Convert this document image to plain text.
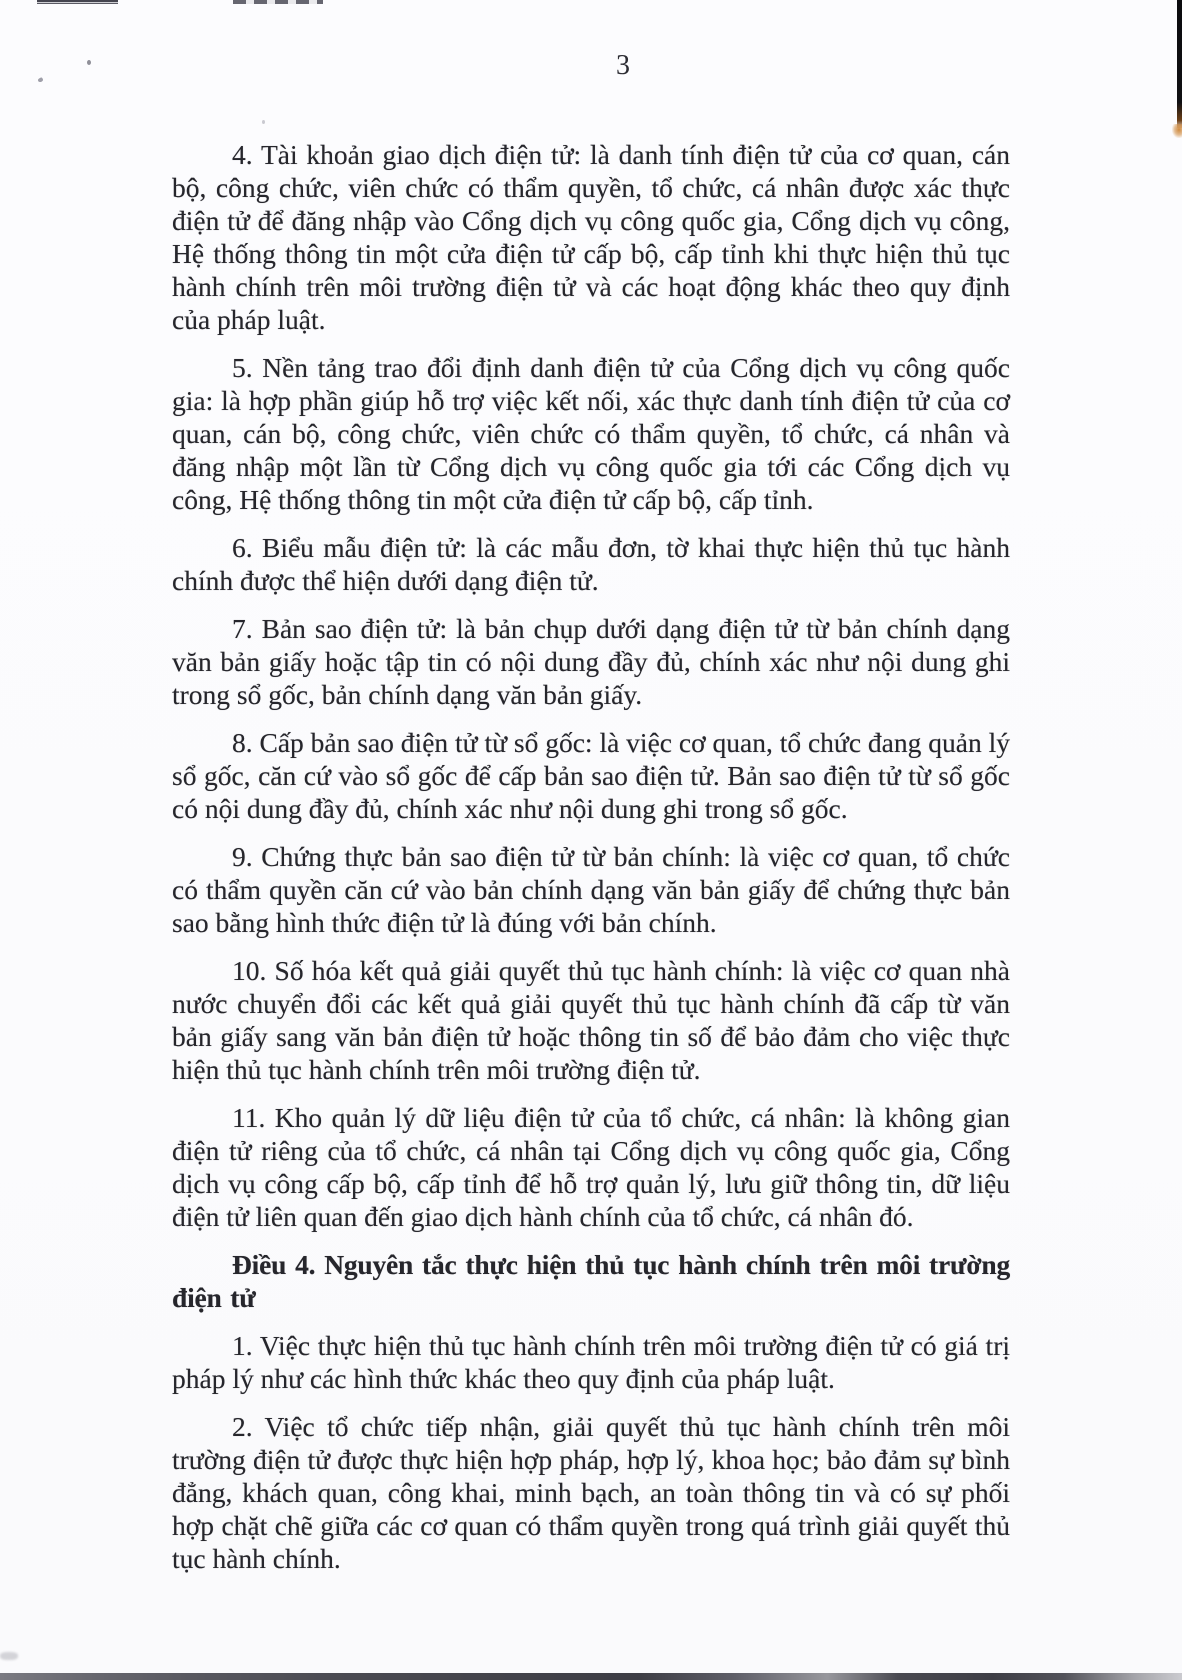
3

4. Tài khoản giao dịch điện tử: là danh tính điện tử của cơ quan, cán bộ, công chức, viên chức có thẩm quyền, tổ chức, cá nhân được xác thực điện tử để đăng nhập vào Cổng dịch vụ công quốc gia, Cổng dịch vụ công, Hệ thống thông tin một cửa điện tử cấp bộ, cấp tỉnh khi thực hiện thủ tục hành chính trên môi trường điện tử và các hoạt động khác theo quy định của pháp luật.

5. Nền tảng trao đổi định danh điện tử của Cổng dịch vụ công quốc gia: là hợp phần giúp hỗ trợ việc kết nối, xác thực danh tính điện tử của cơ quan, cán bộ, công chức, viên chức có thẩm quyền, tổ chức, cá nhân và đăng nhập một lần từ Cổng dịch vụ công quốc gia tới các Cổng dịch vụ công, Hệ thống thông tin một cửa điện tử cấp bộ, cấp tỉnh.

6. Biểu mẫu điện tử: là các mẫu đơn, tờ khai thực hiện thủ tục hành chính được thể hiện dưới dạng điện tử.

7. Bản sao điện tử: là bản chụp dưới dạng điện tử từ bản chính dạng văn bản giấy hoặc tập tin có nội dung đầy đủ, chính xác như nội dung ghi trong sổ gốc, bản chính dạng văn bản giấy.

8. Cấp bản sao điện tử từ sổ gốc: là việc cơ quan, tổ chức đang quản lý sổ gốc, căn cứ vào sổ gốc để cấp bản sao điện tử. Bản sao điện tử từ sổ gốc có nội dung đầy đủ, chính xác như nội dung ghi trong sổ gốc.

9. Chứng thực bản sao điện tử từ bản chính: là việc cơ quan, tổ chức có thẩm quyền căn cứ vào bản chính dạng văn bản giấy để chứng thực bản sao bằng hình thức điện tử là đúng với bản chính.

10. Số hóa kết quả giải quyết thủ tục hành chính: là việc cơ quan nhà nước chuyển đổi các kết quả giải quyết thủ tục hành chính đã cấp từ văn bản giấy sang văn bản điện tử hoặc thông tin số để bảo đảm cho việc thực hiện thủ tục hành chính trên môi trường điện tử.

11. Kho quản lý dữ liệu điện tử của tổ chức, cá nhân: là không gian điện tử riêng của tổ chức, cá nhân tại Cổng dịch vụ công quốc gia, Cổng dịch vụ công cấp bộ, cấp tỉnh để hỗ trợ quản lý, lưu giữ thông tin, dữ liệu điện tử liên quan đến giao dịch hành chính của tổ chức, cá nhân đó.

Điều 4. Nguyên tắc thực hiện thủ tục hành chính trên môi trường điện tử

1. Việc thực hiện thủ tục hành chính trên môi trường điện tử có giá trị pháp lý như các hình thức khác theo quy định của pháp luật.

2. Việc tổ chức tiếp nhận, giải quyết thủ tục hành chính trên môi trường điện tử được thực hiện hợp pháp, hợp lý, khoa học; bảo đảm sự bình đẳng, khách quan, công khai, minh bạch, an toàn thông tin và có sự phối hợp chặt chẽ giữa các cơ quan có thẩm quyền trong quá trình giải quyết thủ tục hành chính.
